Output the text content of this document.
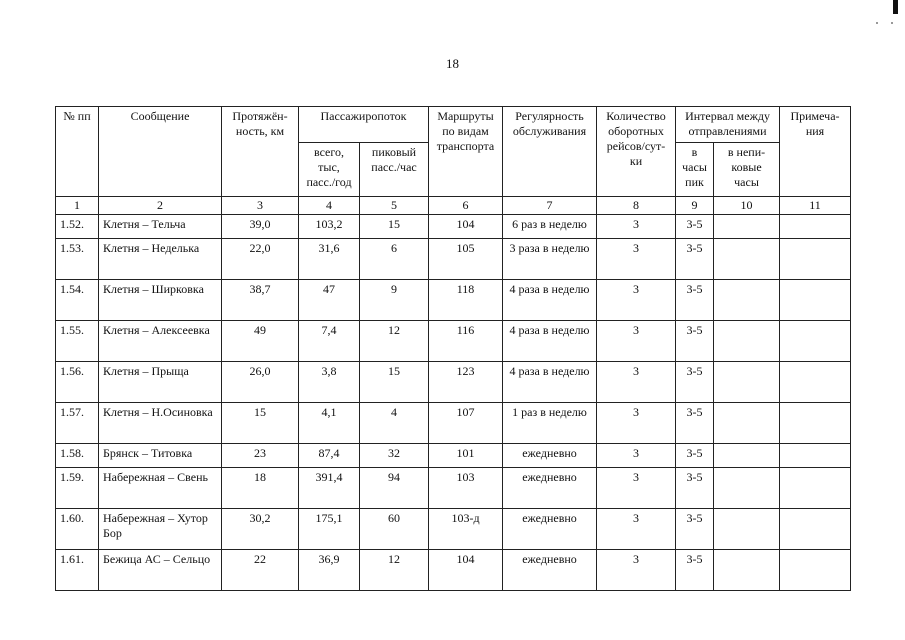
18
№ пп	Сообщение	Протяжён-ность, км	Пассажиропоток		Маршруты по видам транспорта	Регулярность обслуживания	Количество оборотных рейсов/сут-ки	Интервал между отправлениями		Примеча-ния
			всего, тыс, пасс./год	пиковый пасс./час				в часы пик	в непи-ковые часы	
1	2	3	4	5	6	7	8	9	10	11
1.52.	Клетня – Тельча	39,0	103,2	15	104	6 раз в неделю	3	3-5		
1.53.	Клетня – Неделька	22,0	31,6	6	105	3 раза в неделю	3	3-5		
1.54.	Клетня – Ширковка	38,7	47	9	118	4 раза в неделю	3	3-5		
1.55.	Клетня – Алексеевка	49	7,4	12	116	4 раза в неделю	3	3-5		
1.56.	Клетня – Прыща	26,0	3,8	15	123	4 раза в неделю	3	3-5		
1.57.	Клетня – Н.Осиновка	15	4,1	4	107	1 раз в неделю	3	3-5		
1.58.	Брянск – Титовка	23	87,4	32	101	ежедневно	3	3-5		
1.59.	Набережная – Свень	18	391,4	94	103	ежедневно	3	3-5		
1.60.	Набережная – Хутор Бор	30,2	175,1	60	103-д	ежедневно	3	3-5		
1.61.	Бежица АС – Сельцо	22	36,9	12	104	ежедневно	3	3-5		
